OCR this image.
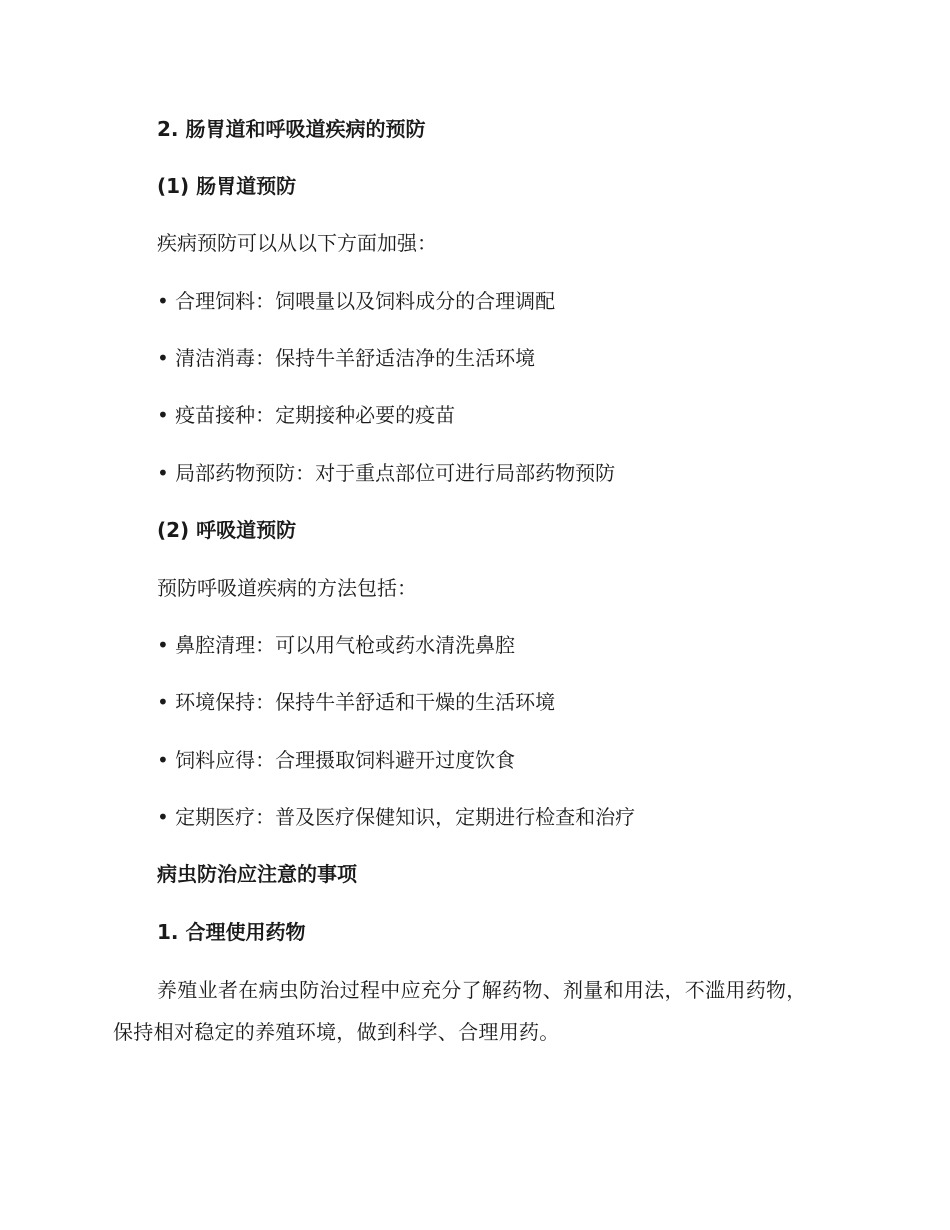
2. 肠胃道和呼吸道疾病的预防

(1) 肠胃道预防

疾病预防可以从以下方面加强：

• 合理饲料：饲喂量以及饲料成分的合理调配

• 清洁消毒：保持牛羊舒适洁净的生活环境

• 疫苗接种：定期接种必要的疫苗

• 局部药物预防：对于重点部位可进行局部药物预防

(2) 呼吸道预防

预防呼吸道疾病的方法包括：

• 鼻腔清理：可以用气枪或药水清洗鼻腔

• 环境保持：保持牛羊舒适和干燥的生活环境

• 饲料应得：合理摄取饲料避开过度饮食

• 定期医疗：普及医疗保健知识，定期进行检查和治疗

病虫防治应注意的事项

1. 合理使用药物

养殖业者在病虫防治过程中应充分了解药物、剂量和用法，不滥用药物，保持相对稳定的养殖环境，做到科学、合理用药。
